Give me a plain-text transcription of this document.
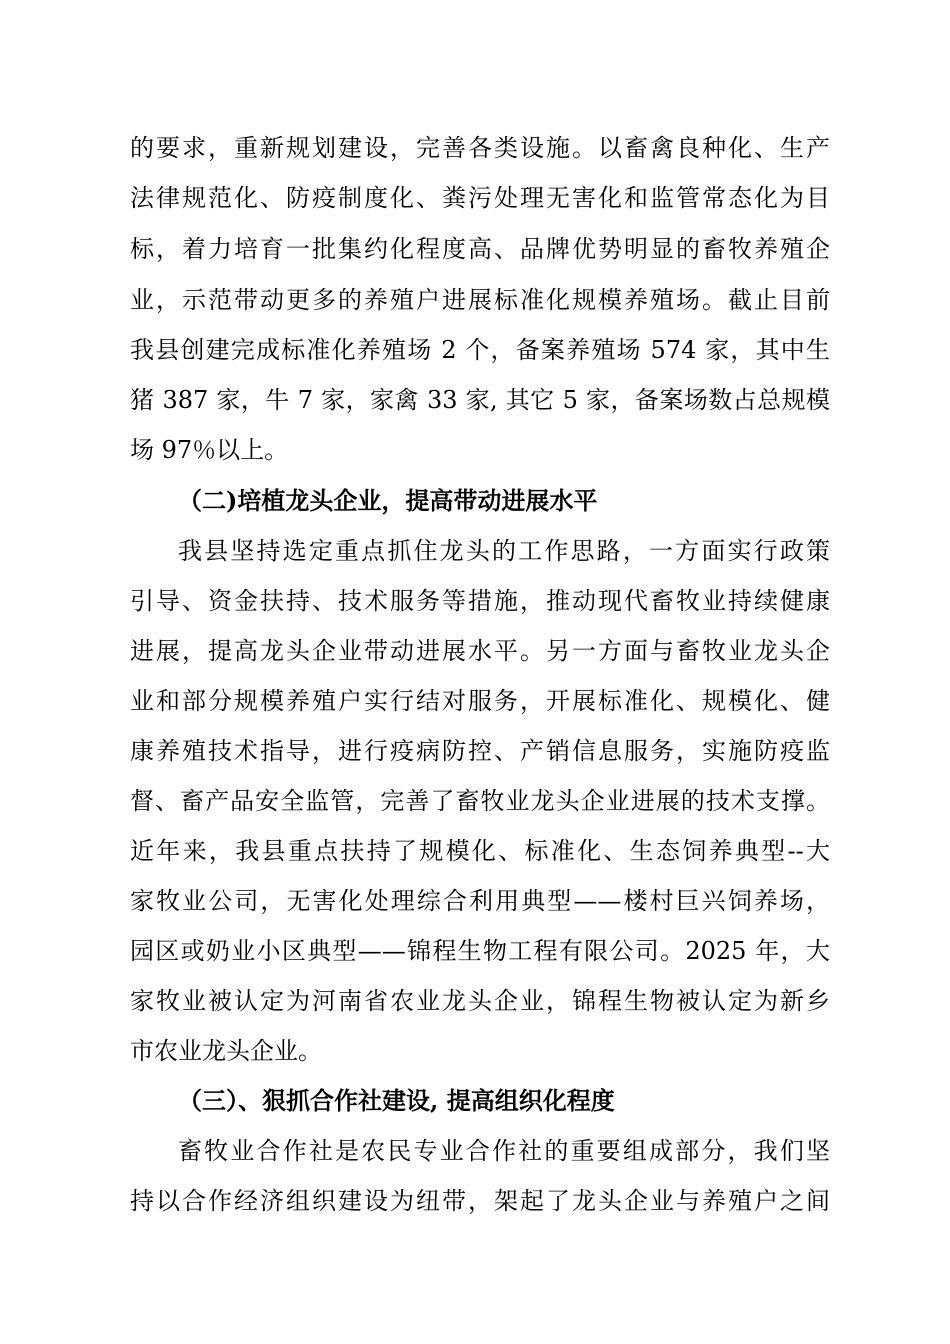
的要求，重新规划建设，完善各类设施。以畜禽良种化、生产
法律规范化、防疫制度化、粪污处理无害化和监管常态化为目
标，着力培育一批集约化程度高、品牌优势明显的畜牧养殖企
业，示范带动更多的养殖户进展标准化规模养殖场。截止目前
我县创建完成标准化养殖场 2 个，备案养殖场 574 家，其中生
猪 387 家，牛 7 家，家禽 33 家, 其它 5 家，备案场数占总规模
场 97％以上。
（二)培植龙头企业，提高带动进展水平
我县坚持选定重点抓住龙头的工作思路，一方面实行政策
引导、资金扶持、技术服务等措施，推动现代畜牧业持续健康
进展，提高龙头企业带动进展水平。另一方面与畜牧业龙头企
业和部分规模养殖户实行结对服务，开展标准化、规模化、健
康养殖技术指导，进行疫病防控、产销信息服务，实施防疫监
督、畜产品安全监管，完善了畜牧业龙头企业进展的技术支撑。
近年来，我县重点扶持了规模化、标准化、生态饲养典型--大
家牧业公司，无害化处理综合利用典型——楼村巨兴饲养场，
园区或奶业小区典型——锦程生物工程有限公司。2025 年，大
家牧业被认定为河南省农业龙头企业，锦程生物被认定为新乡
市农业龙头企业。
（三）、狠抓合作社建设, 提高组织化程度
畜牧业合作社是农民专业合作社的重要组成部分，我们坚
持以合作经济组织建设为纽带，架起了龙头企业与养殖户之间
